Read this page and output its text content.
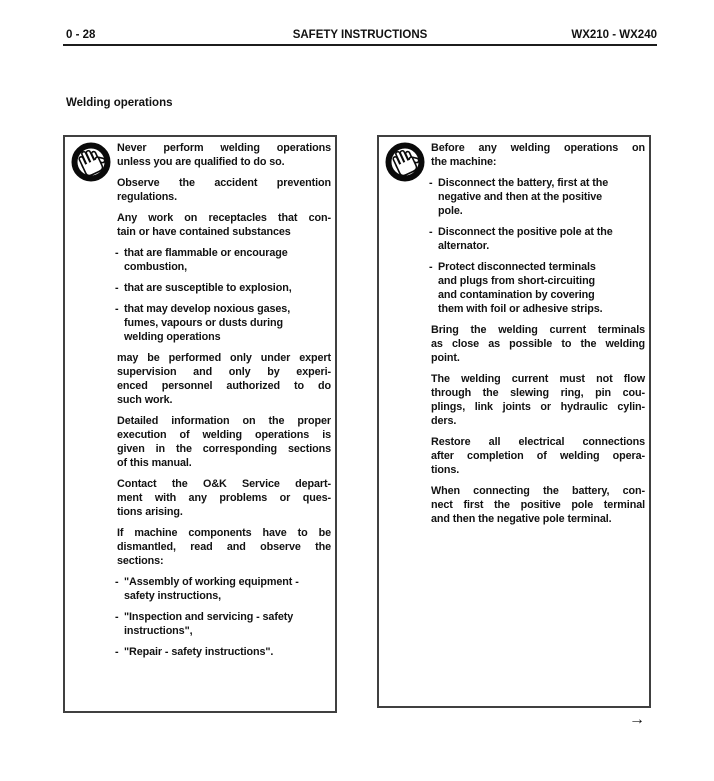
0 - 28	SAFETY INSTRUCTIONS	WX210 - WX240
Welding operations
Never perform welding operations
unless you are qualified to do so.
Observe the accident prevention
regulations.
Any work on receptacles that con-
tain or have contained substances
- that are flammable or encourage
combustion,
- that are susceptible to explosion,
- that may develop noxious gases,
fumes, vapours or dusts during
welding operations
may be performed only under expert
supervision and only by experi-
enced personnel authorized to do
such work.
Detailed information on the proper
execution of welding operations is
given in the corresponding sections
of this manual.
Contact the O&K Service depart-
ment with any problems or ques-
tions arising.
If machine components have to be
dismantled, read and observe the
sections:
- "Assembly of working equipment -
safety instructions,
- "Inspection and servicing - safety
instructions",
- "Repair - safety instructions".
Before any welding operations on
the machine:
- Disconnect the battery, first at the
negative and then at the positive
pole.
- Disconnect the positive pole at the
alternator.
- Protect disconnected terminals
and plugs from short-circuiting
and contamination by covering
them with foil or adhesive strips.
Bring the welding current terminals
as close as possible to the welding
point.
The welding current must not flow
through the slewing ring, pin cou-
plings, link joints or hydraulic cylin-
ders.
Restore all electrical connections
after completion of welding opera-
tions.
When connecting the battery, con-
nect first the positive pole terminal
and then the negative pole terminal.
→
